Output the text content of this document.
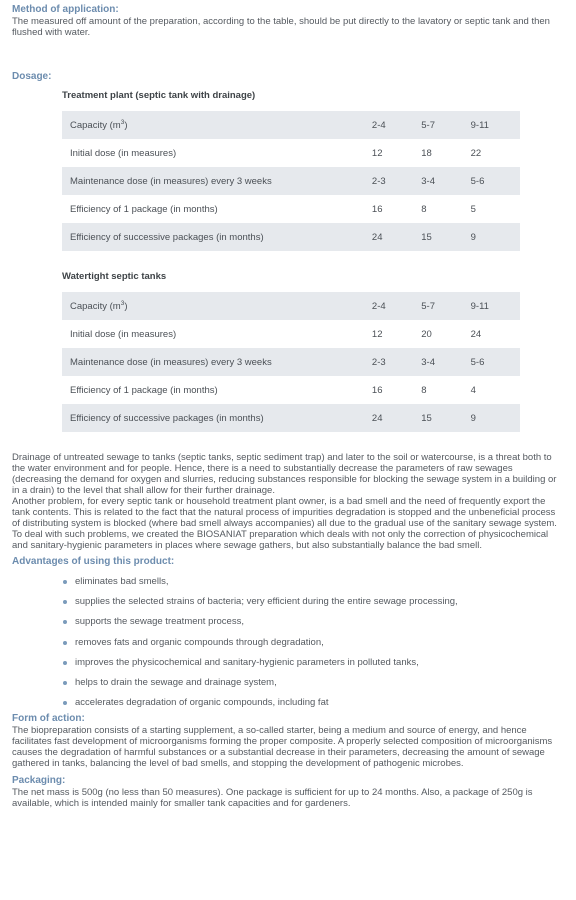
Method of application:

The measured off amount of the preparation, according to the table, should be put directly to the lavatory or septic tank and then flushed with water.

Dosage:
Treatment plant (septic tank with drainage)
Capacity $(m^3)$	2-4	5-7	9-11
Initial dose (in measures)	12	18	22
Maintenance dose (in measures) every 3 weeks	2-3	3-4	5-6
Efficiency of 1 package (in months)	16	8	5
Efficiency of successive packages (in months)	24	15	9
Watertight septic tanks
Capacity $(m^3)$	2-4	5-7	9-11
Initial dose (in measures)	12	20	24
Maintenance dose (in measures) every 3 weeks	2-3	3-4	5-6
Efficiency of 1 package (in months)	16	8	4
Efficiency of successive packages (in months)	24	15	9

Drainage of untreated sewage to tanks (septic tanks, septic sediment trap) and later to the soil or watercourse, is a threat both to the water environment and for people. Hence, there is a need to substantially decrease the parameters of raw sewages (decreasing the demand for oxygen and slurries, reducing substances responsible for blocking the sewage system in a building or in a drain) to the level that shall allow for their further drainage.

Another problem, for every septic tank or household treatment plant owner, is a bad smell and the need of frequently export the tank contents. This is related to the fact that the natural process of impurities degradation is stopped and the unbeneficial process of distributing system is blocked (where bad smell always accompanies) all due to the gradual use of the sanitary sewage system.

To deal with such problems, we created the BIOSANIAT preparation which deals with not only the correction of physicochemical and sanitary-hygienic parameters in places where sewage gathers, but also substantially balance the bad smell.

Advantages of using this product:
eliminates bad smells,
supplies the selected strains of bacteria; very efficient during the entire sewage processing,
supports the sewage treatment process,
removes fats and organic compounds through degradation,
improves the physicochemical and sanitary-hygienic parameters in polluted tanks,
helps to drain the sewage and drainage system,
accelerates degradation of organic compounds, including fat
Form of action:

The biopreparation consists of a starting supplement, a so-called starter, being a medium and source of energy, and hence facilitates fast development of microorganisms forming the proper composite. A properly selected composition of microorganisms causes the degradation of harmful substances or a substantial decrease in their parameters, decreasing the amount of sewage gathered in tanks, balancing the level of bad smells, and stopping the development of pathogenic microbes.

Packaging:

The net mass is 500g (no less than 50 measures). One package is sufficient for up to 24 months. Also, a package of 250g is available, which is intended mainly for smaller tank capacities and for gardeners.
